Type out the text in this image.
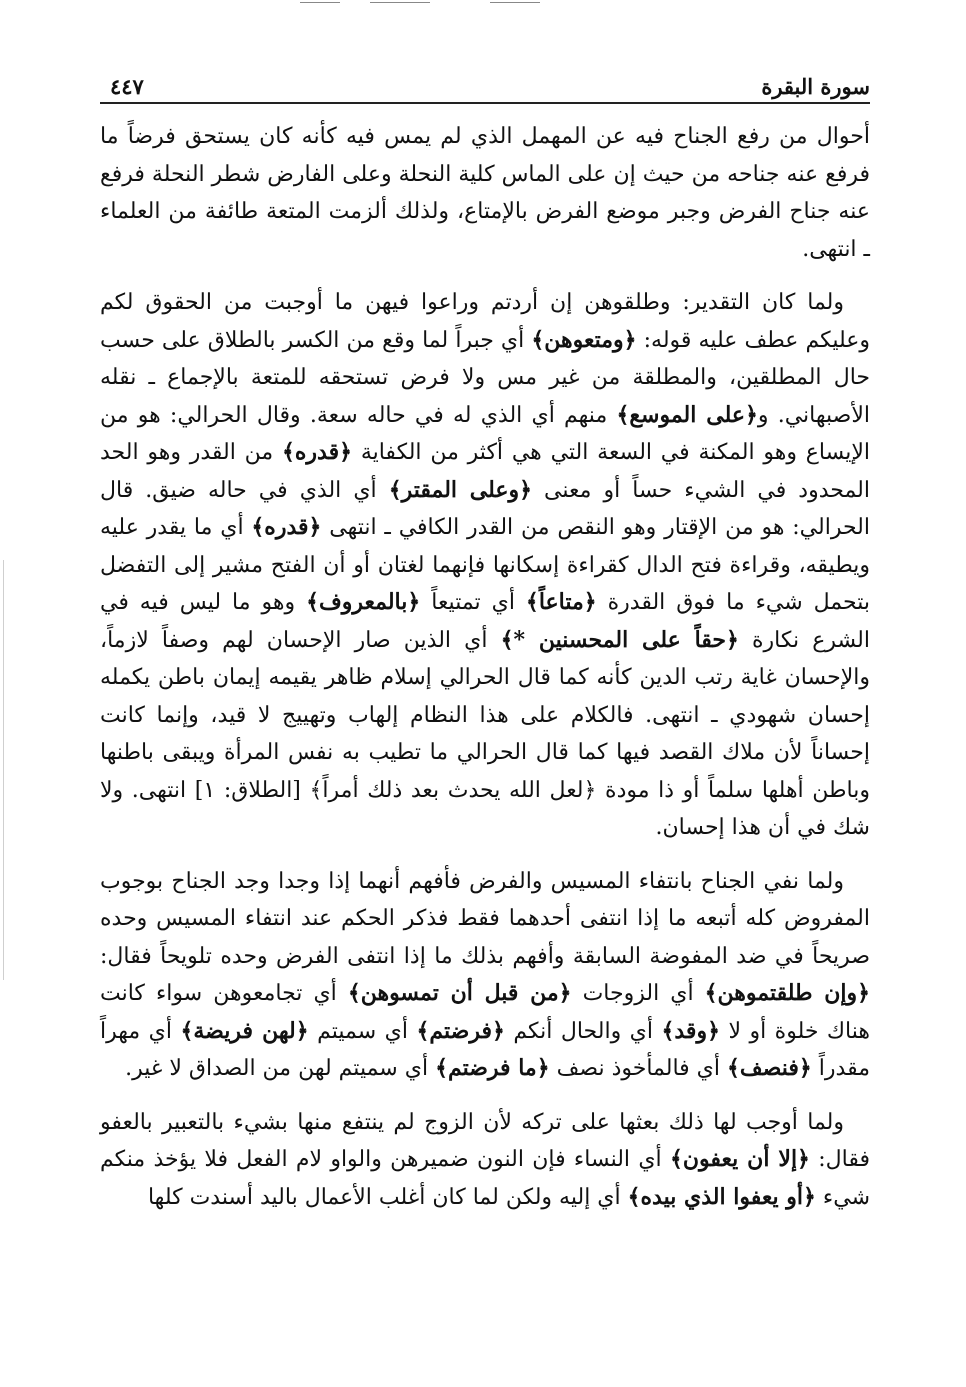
سورة البقرة
٤٤٧

أحوال من رفع الجناح فيه عن المهمل الذي لم يمس فيه كأنه كان يستحق فرضاً ما فرفع عنه جناحه من حيث إن على الماس كلية النحلة وعلى الفارض شطر النحلة فرفع عنه جناح الفرض وجبر موضع الفرض بالإمتاع، ولذلك ألزمت المتعة طائفة من العلماء ـ انتهى.

ولما كان التقدير: وطلقوهن إن أردتم وراعوا فيهن ما أوجبت من الحقوق لكم وعليكم عطف عليه قوله: ﴿ومتعوهن﴾ أي جبراً لما وقع من الكسر بالطلاق على حسب حال المطلقين، والمطلقة من غير مس ولا فرض تستحقه للمتعة بالإجماع ـ نقله الأصبهاني. و﴿على الموسع﴾ منهم أي الذي له في حاله سعة. وقال الحرالي: هو من الإيساع وهو المكنة في السعة التي هي أكثر من الكفاية ﴿قدره﴾ من القدر وهو الحد المحدود في الشيء حساً أو معنى ﴿وعلى المقتر﴾ أي الذي في حاله ضيق. قال الحرالي: هو من الإقتار وهو النقص من القدر الكافي ـ انتهى ﴿قدره﴾ أي ما يقدر عليه ويطيقه، وقراءة فتح الدال كقراءة إسكانها فإنهما لغتان أو أن الفتح مشير إلى التفضل بتحمل شيء ما فوق القدرة ﴿متاعاً﴾ أي تمتيعاً ﴿بالمعروف﴾ وهو ما ليس فيه في الشرع نكارة ﴿حقاً على المحسنين *﴾ أي الذين صار الإحسان لهم وصفاً لازماً، والإحسان غاية رتب الدين كأنه كما قال الحرالي إسلام ظاهر يقيمه إيمان باطن يكمله إحسان شهودي ـ انتهى. فالكلام على هذا النظام إلهاب وتهييج لا قيد، وإنما كانت إحساناً لأن ملاك القصد فيها كما قال الحرالي ما تطيب به نفس المرأة ويبقى باطنها وباطن أهلها سلماً أو ذا مودة ﴿لعل الله يحدث بعد ذلك أمراً﴾ [الطلاق: ١] انتهى. ولا شك في أن هذا إحسان.

ولما نفي الجناح بانتفاء المسيس والفرض فأفهم أنهما إذا وجدا وجد الجناح بوجوب المفروض كله أتبعه ما إذا انتفى أحدهما فقط فذكر الحكم عند انتفاء المسيس وحده صريحاً في ضد المفوضة السابقة وأفهم بذلك ما إذا انتفى الفرض وحده تلويحاً فقال: ﴿وإن طلقتموهن﴾ أي الزوجات ﴿من قبل أن تمسوهن﴾ أي تجامعوهن سواء كانت هناك خلوة أو لا ﴿وقد﴾ أي والحال أنكم ﴿فرضتم﴾ أي سميتم ﴿لهن فريضة﴾ أي مهراً مقدراً ﴿فنصف﴾ أي فالمأخوذ نصف ﴿ما فرضتم﴾ أي سميتم لهن من الصداق لا غير.

ولما أوجب لها ذلك بعثها على تركه لأن الزوج لم ينتفع منها بشيء بالتعبير بالعفو فقال: ﴿إلا أن يعفون﴾ أي النساء فإن النون ضميرهن والواو لام الفعل فلا يؤخذ منكم شيء ﴿أو يعفوا الذي بيده﴾ أي إليه ولكن لما كان أغلب الأعمال باليد أسندت كلها
